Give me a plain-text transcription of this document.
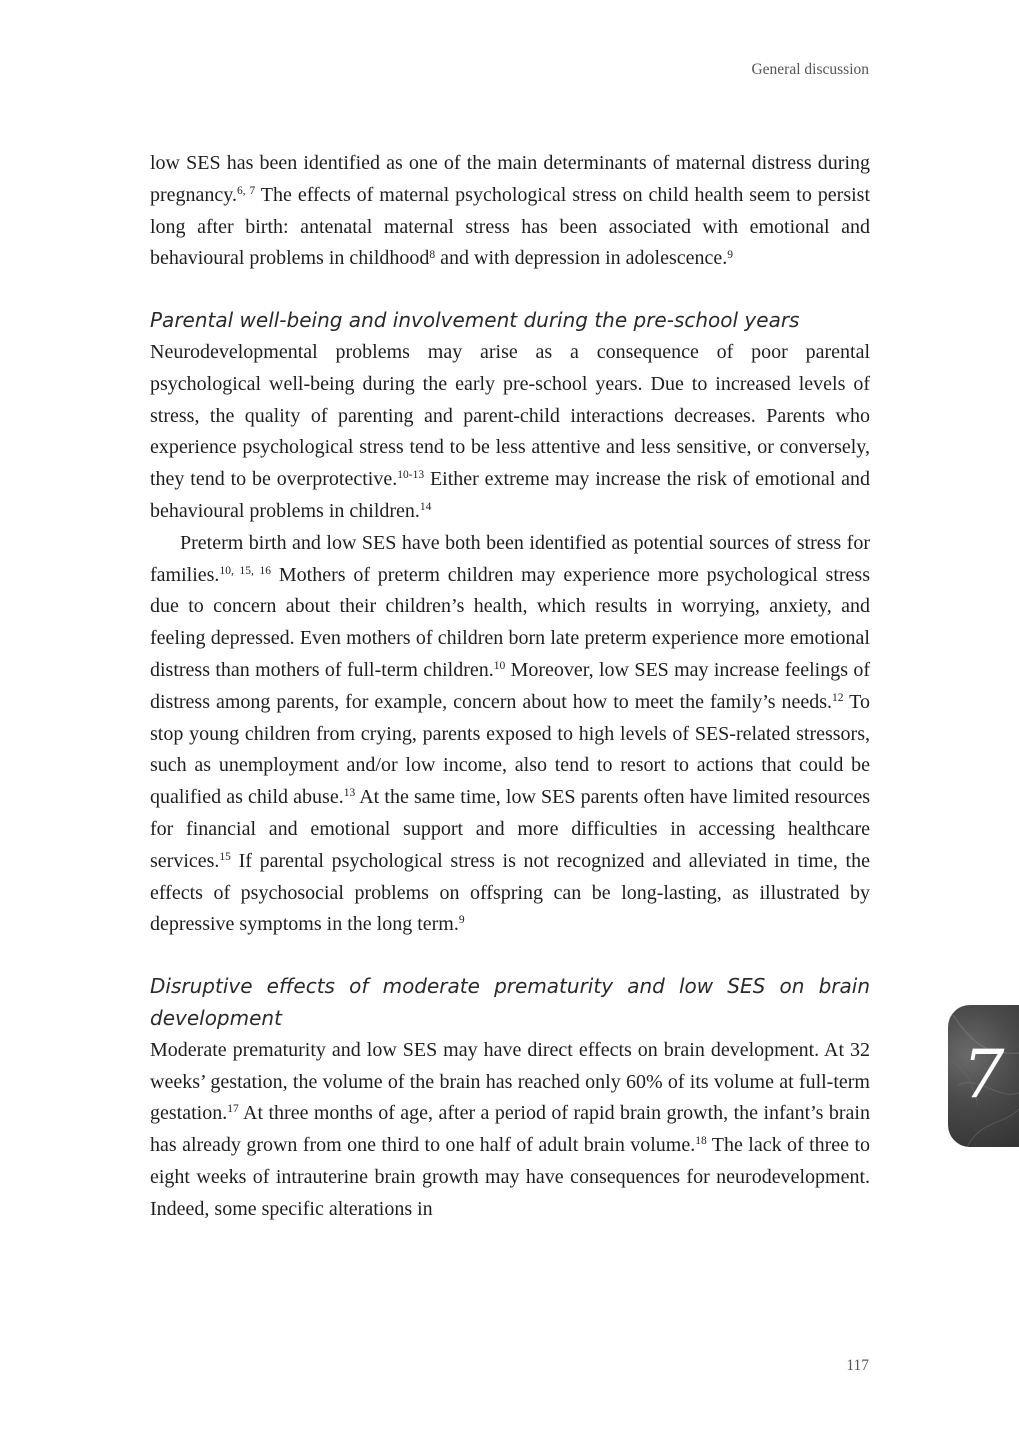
General discussion

low SES has been identified as one of the main determinants of maternal distress during pregnancy.$^{6, 7}$ The effects of maternal psychological stress on child health seem to persist long after birth: antenatal maternal stress has been associated with emotional and behavioural problems in childhood$^8$ and with depression in adolescence.$^9$

Parental well-being and involvement during the pre-school years

Neurodevelopmental problems may arise as a consequence of poor parental psychological well-being during the early pre-school years. Due to increased levels of stress, the quality of parenting and parent-child interactions decreases. Parents who experience psychological stress tend to be less attentive and less sensitive, or conversely, they tend to be overprotective.$^{10-13}$ Either extreme may increase the risk of emotional and behavioural problems in children.$^{14}$

Preterm birth and low SES have both been identified as potential sources of stress for families.$^{10, 15, 16}$ Mothers of preterm children may experience more psychological stress due to concern about their children’s health, which results in worrying, anxiety, and feeling depressed. Even mothers of children born late preterm experience more emotional distress than mothers of full-term children.$^{10}$ Moreover, low SES may increase feelings of distress among parents, for example, concern about how to meet the family’s needs.$^{12}$ To stop young children from crying, parents exposed to high levels of SES-related stressors, such as unemployment and/or low income, also tend to resort to actions that could be qualified as child abuse.$^{13}$ At the same time, low SES parents often have limited resources for financial and emotional support and more difficulties in accessing healthcare services.$^{15}$ If parental psychological stress is not recognized and alleviated in time, the effects of psychosocial problems on offspring can be long-lasting, as illustrated by depressive symptoms in the long term.$^9$

Disruptive effects of moderate prematurity and low SES on brain development

Moderate prematurity and low SES may have direct effects on brain development. At 32 weeks’ gestation, the volume of the brain has reached only 60% of its volume at full-term gestation.$^{17}$ At three months of age, after a period of rapid brain growth, the infant’s brain has already grown from one third to one half of adult brain volume.$^{18}$ The lack of three to eight weeks of intrauterine brain growth may have consequences for neurodevelopment. Indeed, some specific alterations in

7
117
